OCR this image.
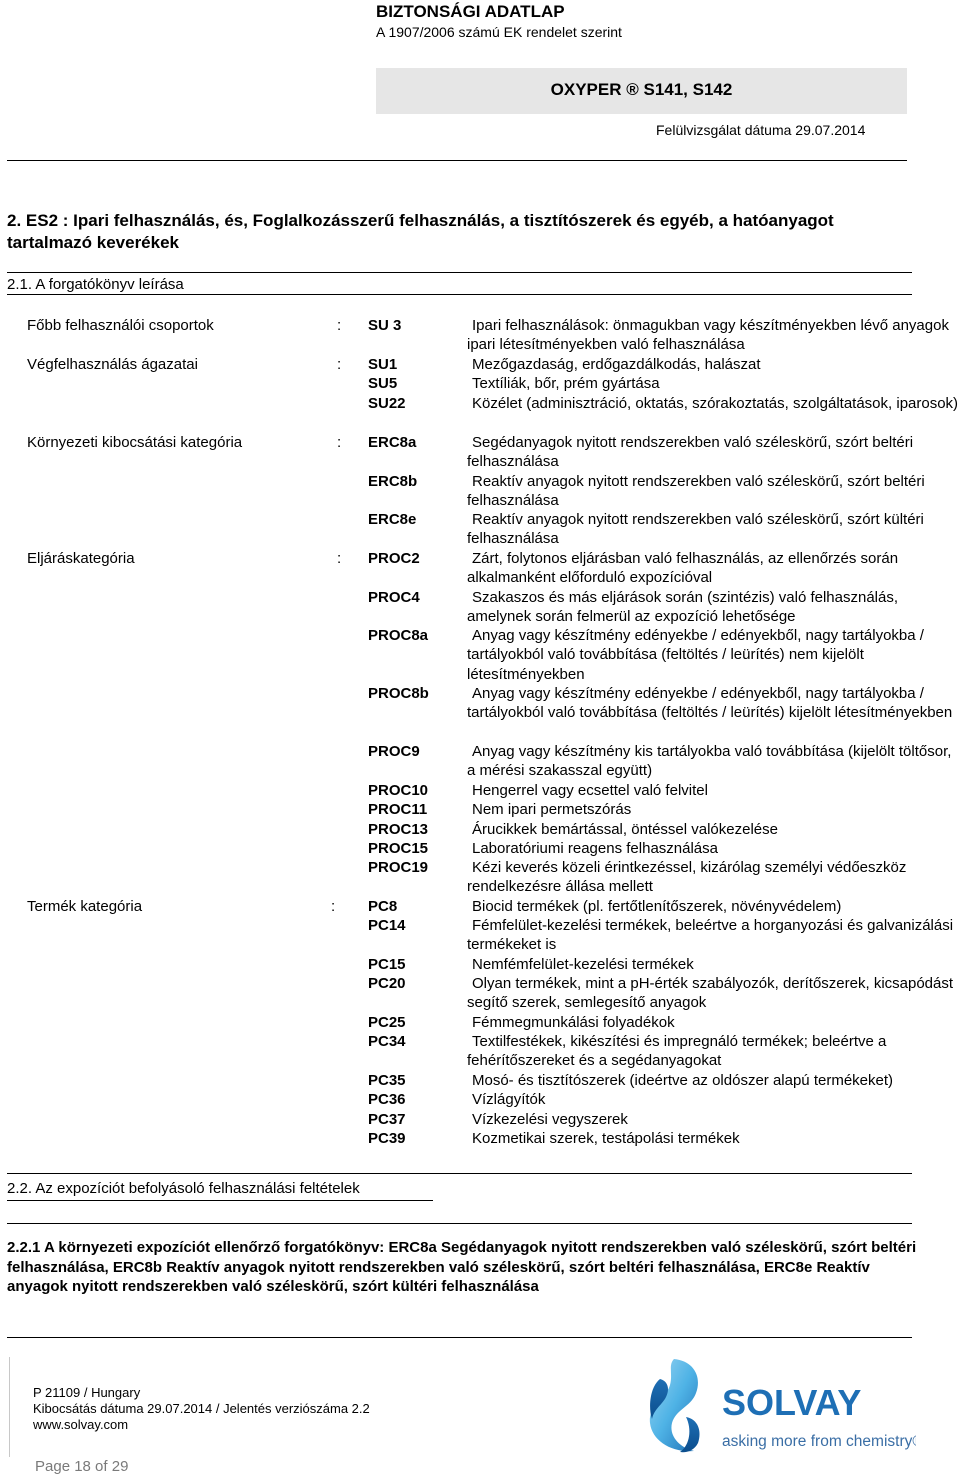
BIZTONSÁGI ADATLAP
A 1907/2006 számú EK rendelet szerint
OXYPER ® S141, S142
Felülvizsgálat dátuma 29.07.2014
2. ES2 : Ipari felhasználás, és, Foglalkozásszerű felhasználás, a tisztítószerek és egyéb, a hatóanyagot tartalmazó keverékek
2.1. A forgatókönyv leírása
Főbb felhasználói csoportok	: SU 3	Ipari felhasználások: önmagukban vagy készítményekben lévő anyagok ipari létesítményekben való felhasználása
Végfelhasználás ágazatai	: SU1	Mezőgazdaság, erdőgazdálkodás, halászat
SU5	Textíliák, bőr, prém gyártása
SU22	Közélet (adminisztráció, oktatás, szórakoztatás, szolgáltatások, iparosok)
Környezeti kibocsátási kategória	: ERC8a	Segédanyagok nyitott rendszerekben való széleskörű, szórt beltéri felhasználása
ERC8b	Reaktív anyagok nyitott rendszerekben való széleskörű, szórt beltéri felhasználása
ERC8e	Reaktív anyagok nyitott rendszerekben való széleskörű, szórt kültéri felhasználása
Eljáráskategória	: PROC2	Zárt, folytonos eljárásban való felhasználás, az ellenőrzés során alkalmanként előforduló expozícióval
PROC4	Szakaszos és más eljárások során (szintézis) való felhasználás, amelynek során felmerül az expozíció lehetősége
PROC8a	Anyag vagy készítmény edényekbe / edényekből, nagy tartályokba / tartályokból való továbbítása (feltöltés / leürítés) nem kijelölt létesítményekben
PROC8b	Anyag vagy készítmény edényekbe / edényekből, nagy tartályokba / tartályokból való továbbítása (feltöltés / leürítés) kijelölt létesítményekben
PROC9	Anyag vagy készítmény kis tartályokba való továbbítása (kijelölt töltősor, a mérési szakasszal együtt)
PROC10	Hengerrel vagy ecsettel való felvitel
PROC11	Nem ipari permetszórás
PROC13	Árucikkek bemártással, öntéssel valókezelése
PROC15	Laboratóriumi reagens felhasználása
PROC19	Kézi keverés közeli érintkezéssel, kizárólag személyi védőeszköz rendelkezésre állása mellett
Termék kategória	: PC8	Biocid termékek (pl. fertőtlenítőszerek, növényvédelem)
PC14	Fémfelület-kezelési termékek, beleértve a horganyozási és galvanizálási termékeket is
PC15	Nemfémfelület-kezelési termékek
PC20	Olyan termékek, mint a pH-érték szabályozók, derítőszerek, kicsapódást segítő szerek, semlegesítő anyagok
PC25	Fémmegmunkálási folyadékok
PC34	Textilfestékek, kikészítési és impregnáló termékek; beleértve a fehérítőszereket és a segédanyagokat
PC35	Mosó- és tisztítószerek (ideértve az oldószer alapú termékeket)
PC36	Vízlágyítók
PC37	Vízkezelési vegyszerek
PC39	Kozmetikai szerek, testápolási termékek
2.2. Az expozíciót befolyásoló felhasználási feltételek
2.2.1 A környezeti expozíciót ellenőrző forgatókönyv: ERC8a Segédanyagok nyitott rendszerekben való széleskörű, szórt beltéri felhasználása, ERC8b Reaktív anyagok nyitott rendszerekben való széleskörű, szórt beltéri felhasználása, ERC8e Reaktív anyagok nyitott rendszerekben való széleskörű, szórt kültéri felhasználása
P 21109 / Hungary
Kibocsátás dátuma 29.07.2014 / Jelentés verziószáma 2.2
www.solvay.com
SOLVAY
asking more from chemistry®
Page 18 of 29
